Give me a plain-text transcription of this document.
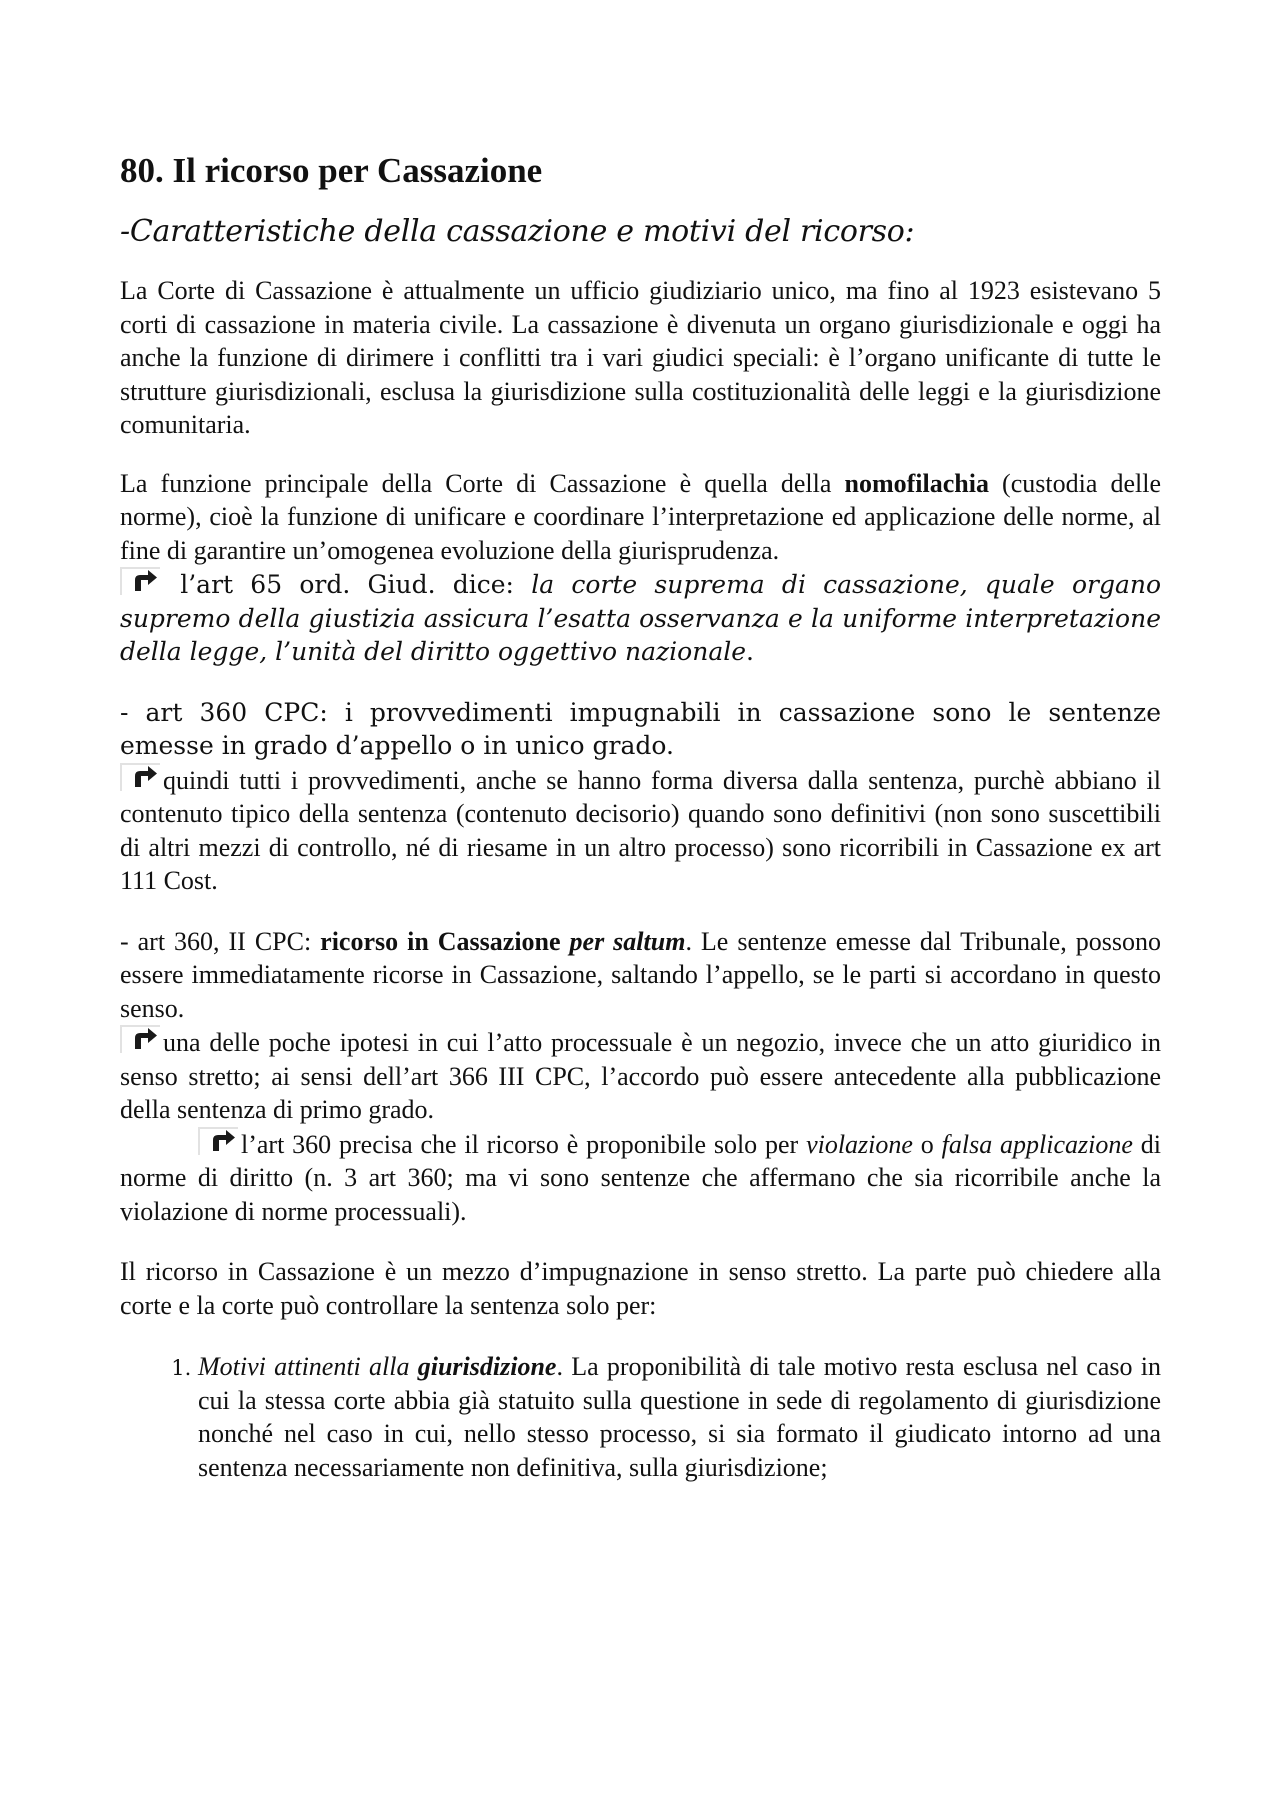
80. Il ricorso per Cassazione
-Caratteristiche della cassazione e motivi del ricorso:

La Corte di Cassazione è attualmente un ufficio giudiziario unico, ma fino al 1923 esistevano 5 corti di cassazione in materia civile. La cassazione è divenuta un organo giurisdizionale e oggi ha anche la funzione di dirimere i conflitti tra i vari giudici speciali: è l’organo unificante di tutte le strutture giurisdizionali, esclusa la giurisdizione sulla costituzionalità delle leggi e la giurisdizione comunitaria.

La funzione principale della Corte di Cassazione è quella della nomofilachia (custodia delle norme), cioè la funzione di unificare e coordinare l’interpretazione ed applicazione delle norme, al fine di garantire un’omogenea evoluzione della giurisprudenza.

l’art 65 ord. Giud. dice: la corte suprema di cassazione, quale organo supremo della giustizia assicura l’esatta osservanza e la uniforme interpretazione della legge, l’unità del diritto oggettivo nazionale.

- art 360 CPC: i provvedimenti impugnabili in cassazione sono le sentenze emesse in grado d’appello o in unico grado.

quindi tutti i provvedimenti, anche se hanno forma diversa dalla sentenza, purchè abbiano il contenuto tipico della sentenza (contenuto decisorio) quando sono definitivi (non sono suscettibili di altri mezzi di controllo, né di riesame in un altro processo) sono ricorribili in Cassazione ex art 111 Cost.

- art 360, II CPC: ricorso in Cassazione per saltum. Le sentenze emesse dal Tribunale, possono essere immediatamente ricorse in Cassazione, saltando l’appello, se le parti si accordano in questo senso.

una delle poche ipotesi in cui l’atto processuale è un negozio, invece che un atto giuridico in senso stretto; ai sensi dell’art 366 III CPC, l’accordo può essere antecedente alla pubblicazione della sentenza di primo grado.

l’art 360 precisa che il ricorso è proponibile solo per violazione o falsa applicazione di norme di diritto (n. 3 art 360; ma vi sono sentenze che affermano che sia ricorribile anche la violazione di norme processuali).

Il ricorso in Cassazione è un mezzo d’impugnazione in senso stretto. La parte può chiedere alla corte e la corte può controllare la sentenza solo per:

1. Motivi attinenti alla giurisdizione. La proponibilità di tale motivo resta esclusa nel caso in cui la stessa corte abbia già statuito sulla questione in sede di regolamento di giurisdizione nonché nel caso in cui, nello stesso processo, si sia formato il giudicato intorno ad una sentenza necessariamente non definitiva, sulla giurisdizione;
